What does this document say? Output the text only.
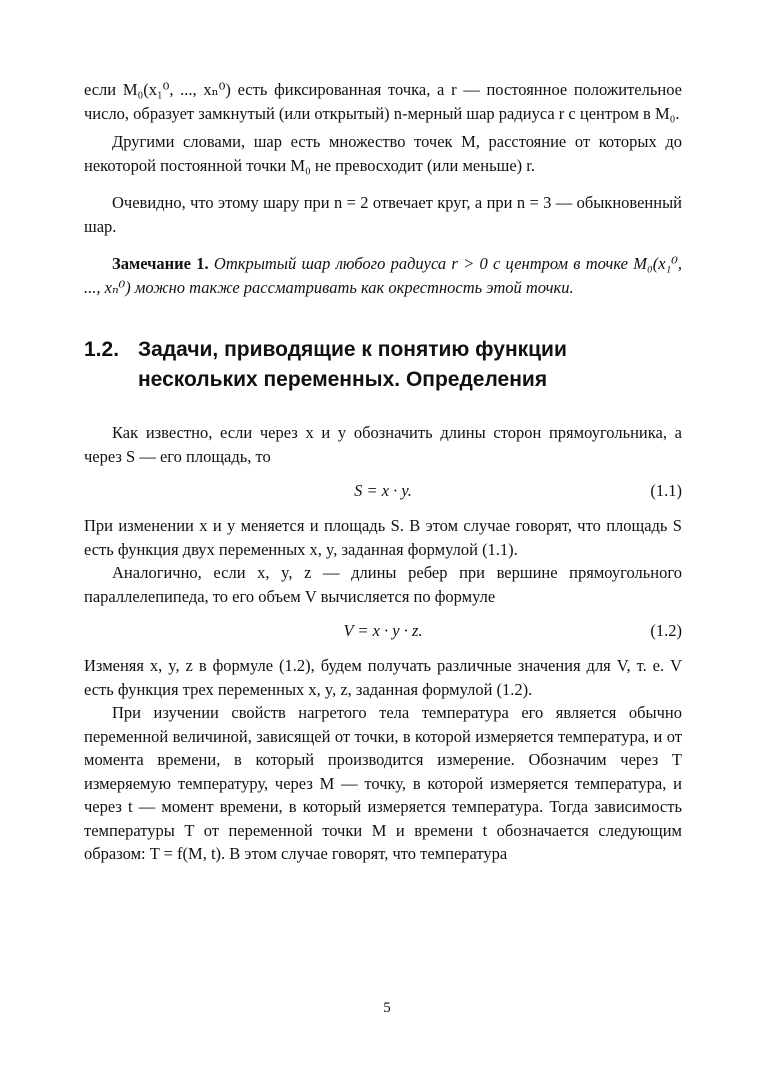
если M₀(x₁⁰, ..., xₙ⁰) есть фиксированная точка, а r — постоянное положительное число, образует замкнутый (или открытый) n-мерный шар радиуса r с центром в M₀.

Другими словами, шар есть множество точек M, расстояние от которых до некоторой постоянной точки M₀ не превосходит (или меньше) r.

Очевидно, что этому шару при n = 2 отвечает круг, а при n = 3 — обыкновенный шар.

Замечание 1. Открытый шар любого радиуса r > 0 с центром в точке M₀(x₁⁰, ..., xₙ⁰) можно также рассматривать как окрестность этой точки.

1.2. Задачи, приводящие к понятию функции
нескольких переменных. Определения

Как известно, если через x и y обозначить длины сторон прямоугольника, а через S — его площадь, то

S = x · y.	(1.1)

При изменении x и y меняется и площадь S. В этом случае говорят, что площадь S есть функция двух переменных x, y, заданная формулой (1.1).

Аналогично, если x, y, z — длины ребер при вершине прямоугольного параллелепипеда, то его объем V вычисляется по формуле

V = x · y · z.	(1.2)

Изменяя x, y, z в формуле (1.2), будем получать различные значения для V, т. е. V есть функция трех переменных x, y, z, заданная формулой (1.2).

При изучении свойств нагретого тела температура его является обычно переменной величиной, зависящей от точки, в которой измеряется температура, и от момента времени, в который производится измерение. Обозначим через T измеряемую температуру, через M — точку, в которой измеряется температура, и через t — момент времени, в который измеряется температура. Тогда зависимость температуры T от переменной точки M и времени t обозначается следующим образом: T = f(M, t). В этом случае говорят, что температура

5
